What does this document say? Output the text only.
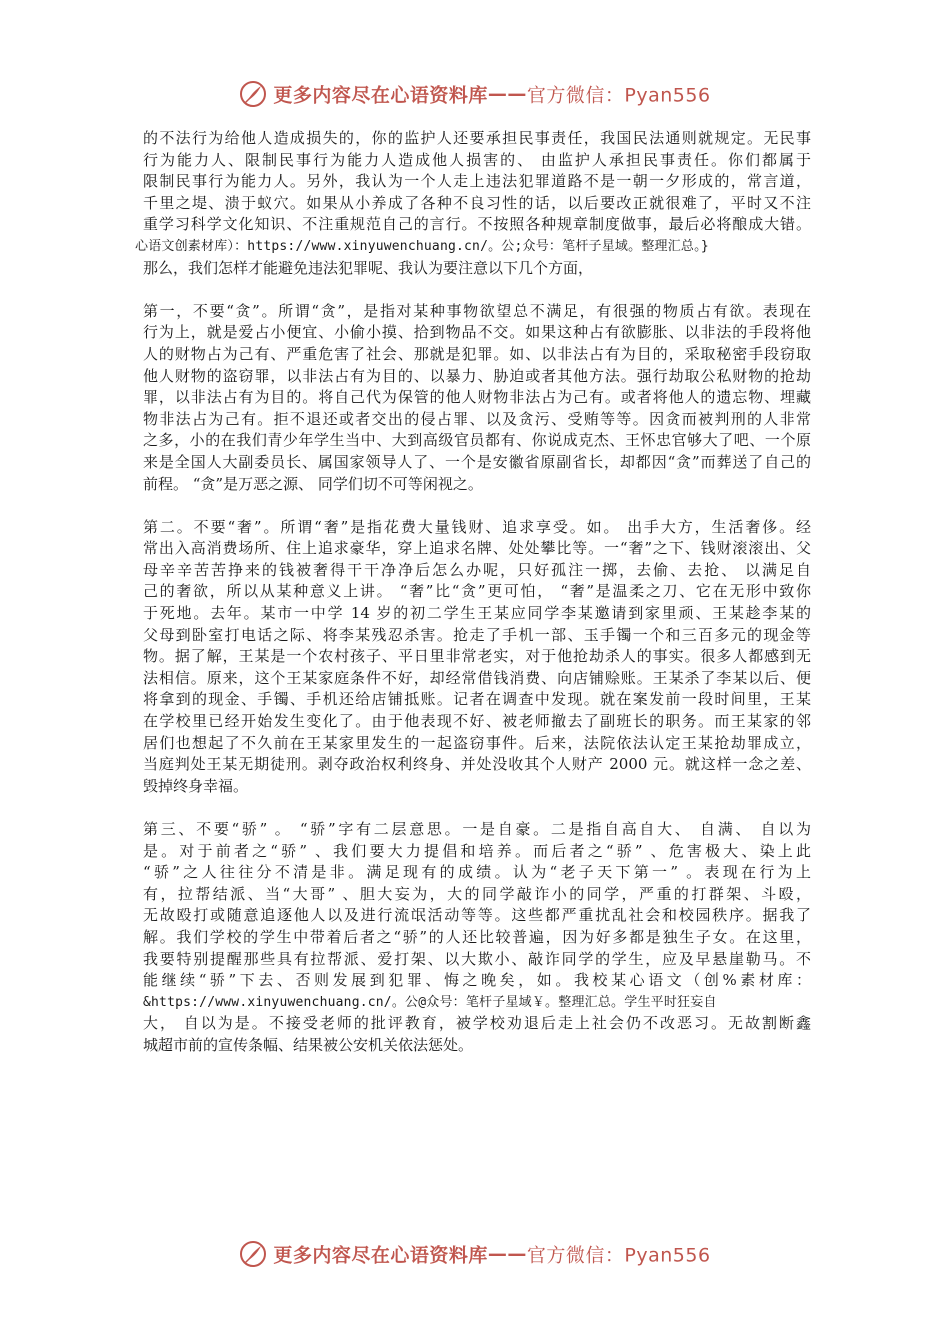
更多内容尽在心语资料库——官方微信：Pyan556
的不法行为给他人造成损失的，你的监护人还要承担民事责任，我国民法通则就规定。无民事
行为能力人、限制民事行为能力人造成他人损害的、 由监护人承担民事责任。你们都属于
限制民事行为能力人。另外，我认为一个人走上违法犯罪道路不是一朝一夕形成的，常言道，
千里之堤、溃于蚁穴。如果从小养成了各种不良习性的话，以后要改正就很难了，平时又不注
重学习科学文化知识、不注重规范自己的言行。不按照各种规章制度做事，最后必将酿成大错。
心语文创素材库）：https://www.xinyuwenchuang.cn/。公;众号：笔杆子星域。整理汇总。}
那么，我们怎样才能避免违法犯罪呢、我认为要注意以下几个方面，
第一，不要“贪”。所谓“贪”，是指对某种事物欲望总不满足，有很强的物质占有欲。表现在
行为上，就是爱占小便宜、小偷小摸、拾到物品不交。如果这种占有欲膨胀、以非法的手段将他
人的财物占为己有、严重危害了社会、那就是犯罪。如、以非法占有为目的，采取秘密手段窃取
他人财物的盗窃罪，以非法占有为目的、以暴力、胁迫或者其他方法。强行劫取公私财物的抢劫
罪，以非法占有为目的。将自己代为保管的他人财物非法占为己有。或者将他人的遗忘物、埋藏
物非法占为己有。拒不退还或者交出的侵占罪、以及贪污、受贿等等。因贪而被判刑的人非常
之多，小的在我们青少年学生当中、大到高级官员都有、你说成克杰、王怀忠官够大了吧、一个原
来是全国人大副委员长、属国家领导人了、一个是安徽省原副省长，却都因“贪”而葬送了自己的
前程。 “贪”是万恶之源、 同学们切不可等闲视之。
第二。不要“奢”。所谓“奢”是指花费大量钱财、追求享受。如。 出手大方，生活奢侈。经
常出入高消费场所、住上追求豪华，穿上追求名牌、处处攀比等。一“奢”之下、钱财滚滚出、父
母辛辛苦苦挣来的钱被奢得干干净净后怎么办呢，只好孤注一掷，去偷、去抢、 以满足自
己的奢欲，所以从某种意义上讲。 “奢”比“贪”更可怕， “奢”是温柔之刀、它在无形中致你
于死地。去年。某市一中学 14 岁的初二学生王某应同学李某邀请到家里顽、王某趁李某的
父母到卧室打电话之际、将李某残忍杀害。抢走了手机一部、玉手镯一个和三百多元的现金等
物。据了解，王某是一个农村孩子、平日里非常老实，对于他抢劫杀人的事实。很多人都感到无
法相信。原来，这个王某家庭条件不好，却经常借钱消费、向店铺赊账。王某杀了李某以后、便
将拿到的现金、手镯、手机还给店铺抵账。记者在调查中发现。就在案发前一段时间里，王某
在学校里已经开始发生变化了。由于他表现不好、被老师撤去了副班长的职务。而王某家的邻
居们也想起了不久前在王某家里发生的一起盗窃事件。后来，法院依法认定王某抢劫罪成立，
当庭判处王某无期徒刑。剥夺政治权利终身、并处没收其个人财产 2000 元。就这样一念之差、
毁掉终身幸福。
第三、不要“骄” 。 “骄”字有二层意思。一是自豪。二是指自高自大、 自满、 自以为
是。对于前者之“骄” 、我们要大力提倡和培养。而后者之“骄” 、危害极大、染上此
“骄”之人往往分不清是非。满足现有的成绩。认为“老子天下第一” 。表现在行为上
有，拉帮结派、当“大哥” 、胆大妄为，大的同学敲诈小的同学，严重的打群架、斗殴，
无故殴打或随意追逐他人以及进行流氓活动等等。这些都严重扰乱社会和校园秩序。据我了
解。我们学校的学生中带着后者之“骄”的人还比较普遍，因为好多都是独生子女。在这里，
我要特别提醒那些具有拉帮派、爱打架、以大欺小、敲诈同学的学生，应及早悬崖勒马。不
能继续“骄”下去、否则发展到犯罪、悔之晚矣，如。我校某心语文（创%素材库：
&https://www.xinyuwenchuang.cn/。公@众号：笔杆子星域￥。整理汇总。学生平时狂妄自
大， 自以为是。不接受老师的批评教育，被学校劝退后走上社会仍不改恶习。无故割断鑫
城超市前的宣传条幅、结果被公安机关依法惩处。
更多内容尽在心语资料库——官方微信：Pyan556
